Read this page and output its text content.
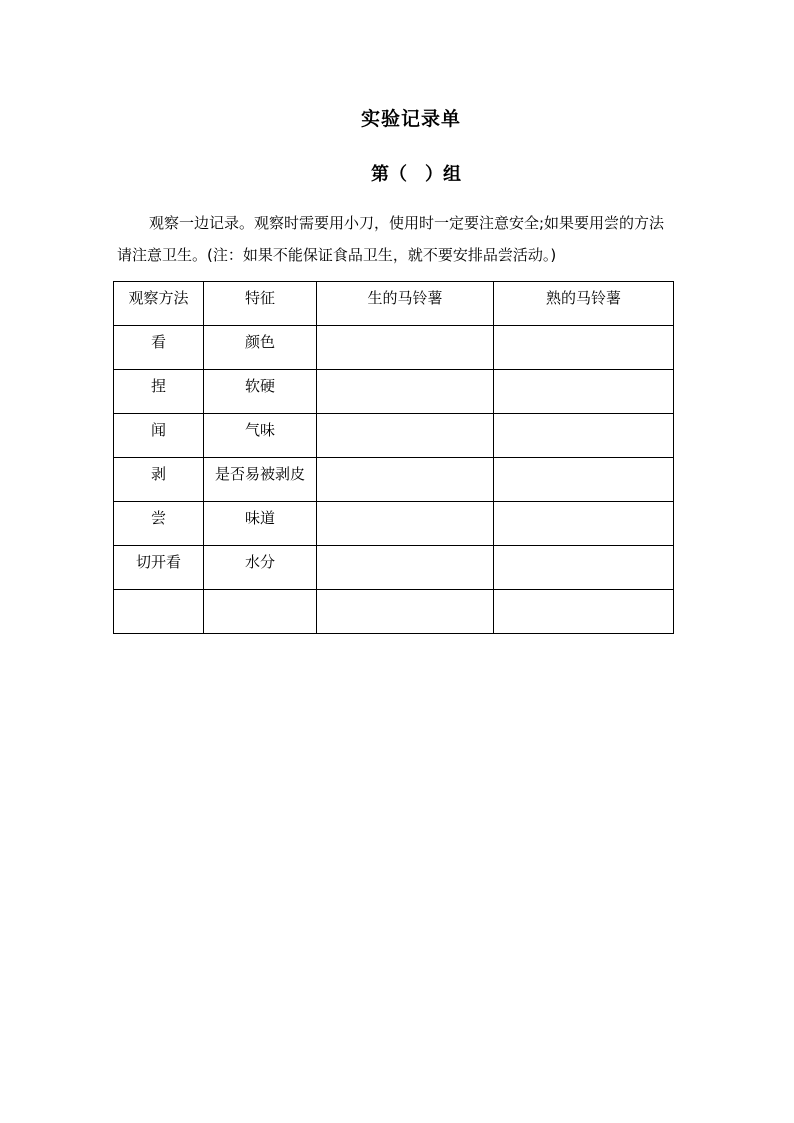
实验记录单
第（　）组
观察一边记录。观察时需要用小刀，使用时一定要注意安全;如果要用尝的方法请注意卫生。(注：如果不能保证食品卫生，就不要安排品尝活动。)
观察方法	特征	生的马铃薯	熟的马铃薯
看	颜色		
捏	软硬		
闻	气味		
剥	是否易被剥皮		
尝	味道		
切开看	水分		
